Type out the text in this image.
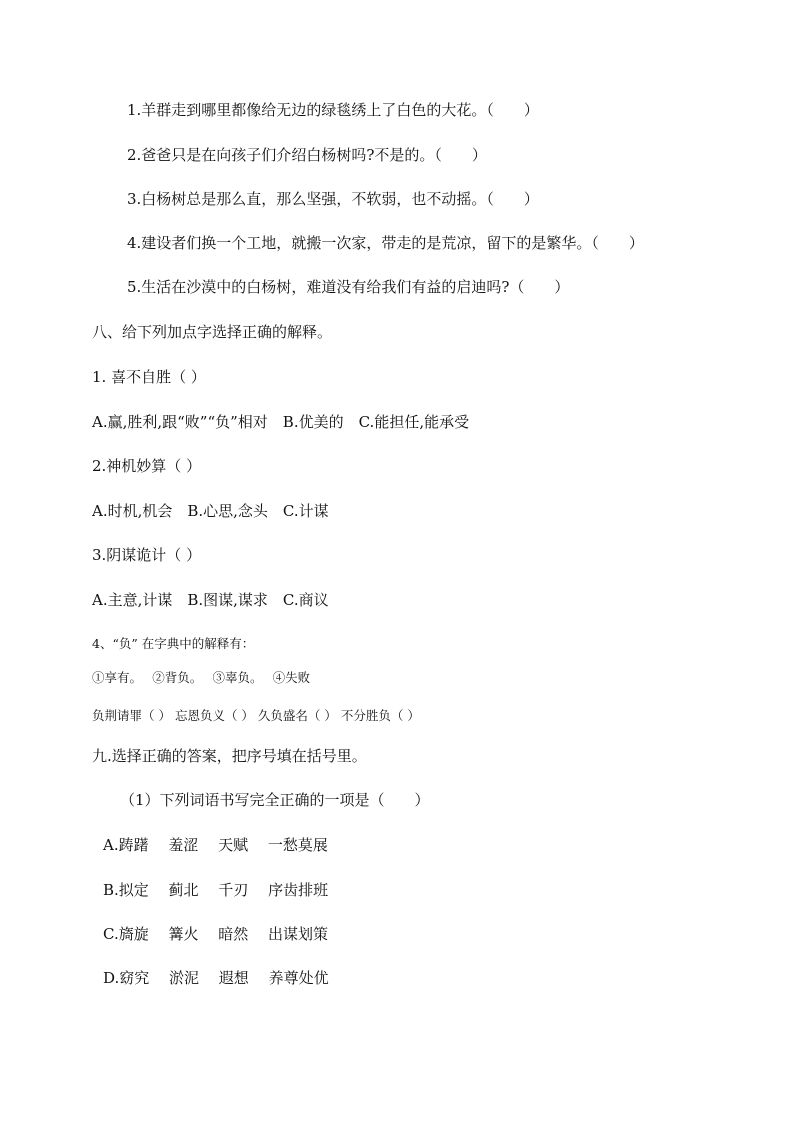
1.羊群走到哪里都像给无边的绿毯绣上了白色的大花。（　　）
2.爸爸只是在向孩子们介绍白杨树吗?不是的。（　　）
3.白杨树总是那么直，那么坚强，不软弱，也不动摇。（　　）
4.建设者们换一个工地，就搬一次家，带走的是荒凉，留下的是繁华。（　　）
5.生活在沙漠中的白杨树，难道没有给我们有益的启迪吗?（　　）
八、给下列加点字选择正确的解释。
1. 喜不自胜（ ）
A.赢,胜利,跟“败”“负”相对　B.优美的　C.能担任,能承受
2.神机妙算（ ）
A.时机,机会　B.心思,念头　C.计谋
3.阴谋诡计（ ）
A.主意,计谋　B.图谋,谋求　C.商议
4、“负” 在字典中的解释有：
①享有。　 ②背负。　 ③辜负。　 ④失败
负荆请罪（ ） 忘恩负义（ ） 久负盛名（ ） 不分胜负（ ）
九.选择正确的答案，把序号填在括号里。
（1）下列词语书写完全正确的一项是（　　）
A.踌躇　 羞涩　 天赋　 一愁莫展
B.拟定　 蓟北　 千刃　 序齿排班
C.旖旋　 篝火　 暗然　 出谋划策
D.窈究　 淤泥　 遐想　 养尊处优
